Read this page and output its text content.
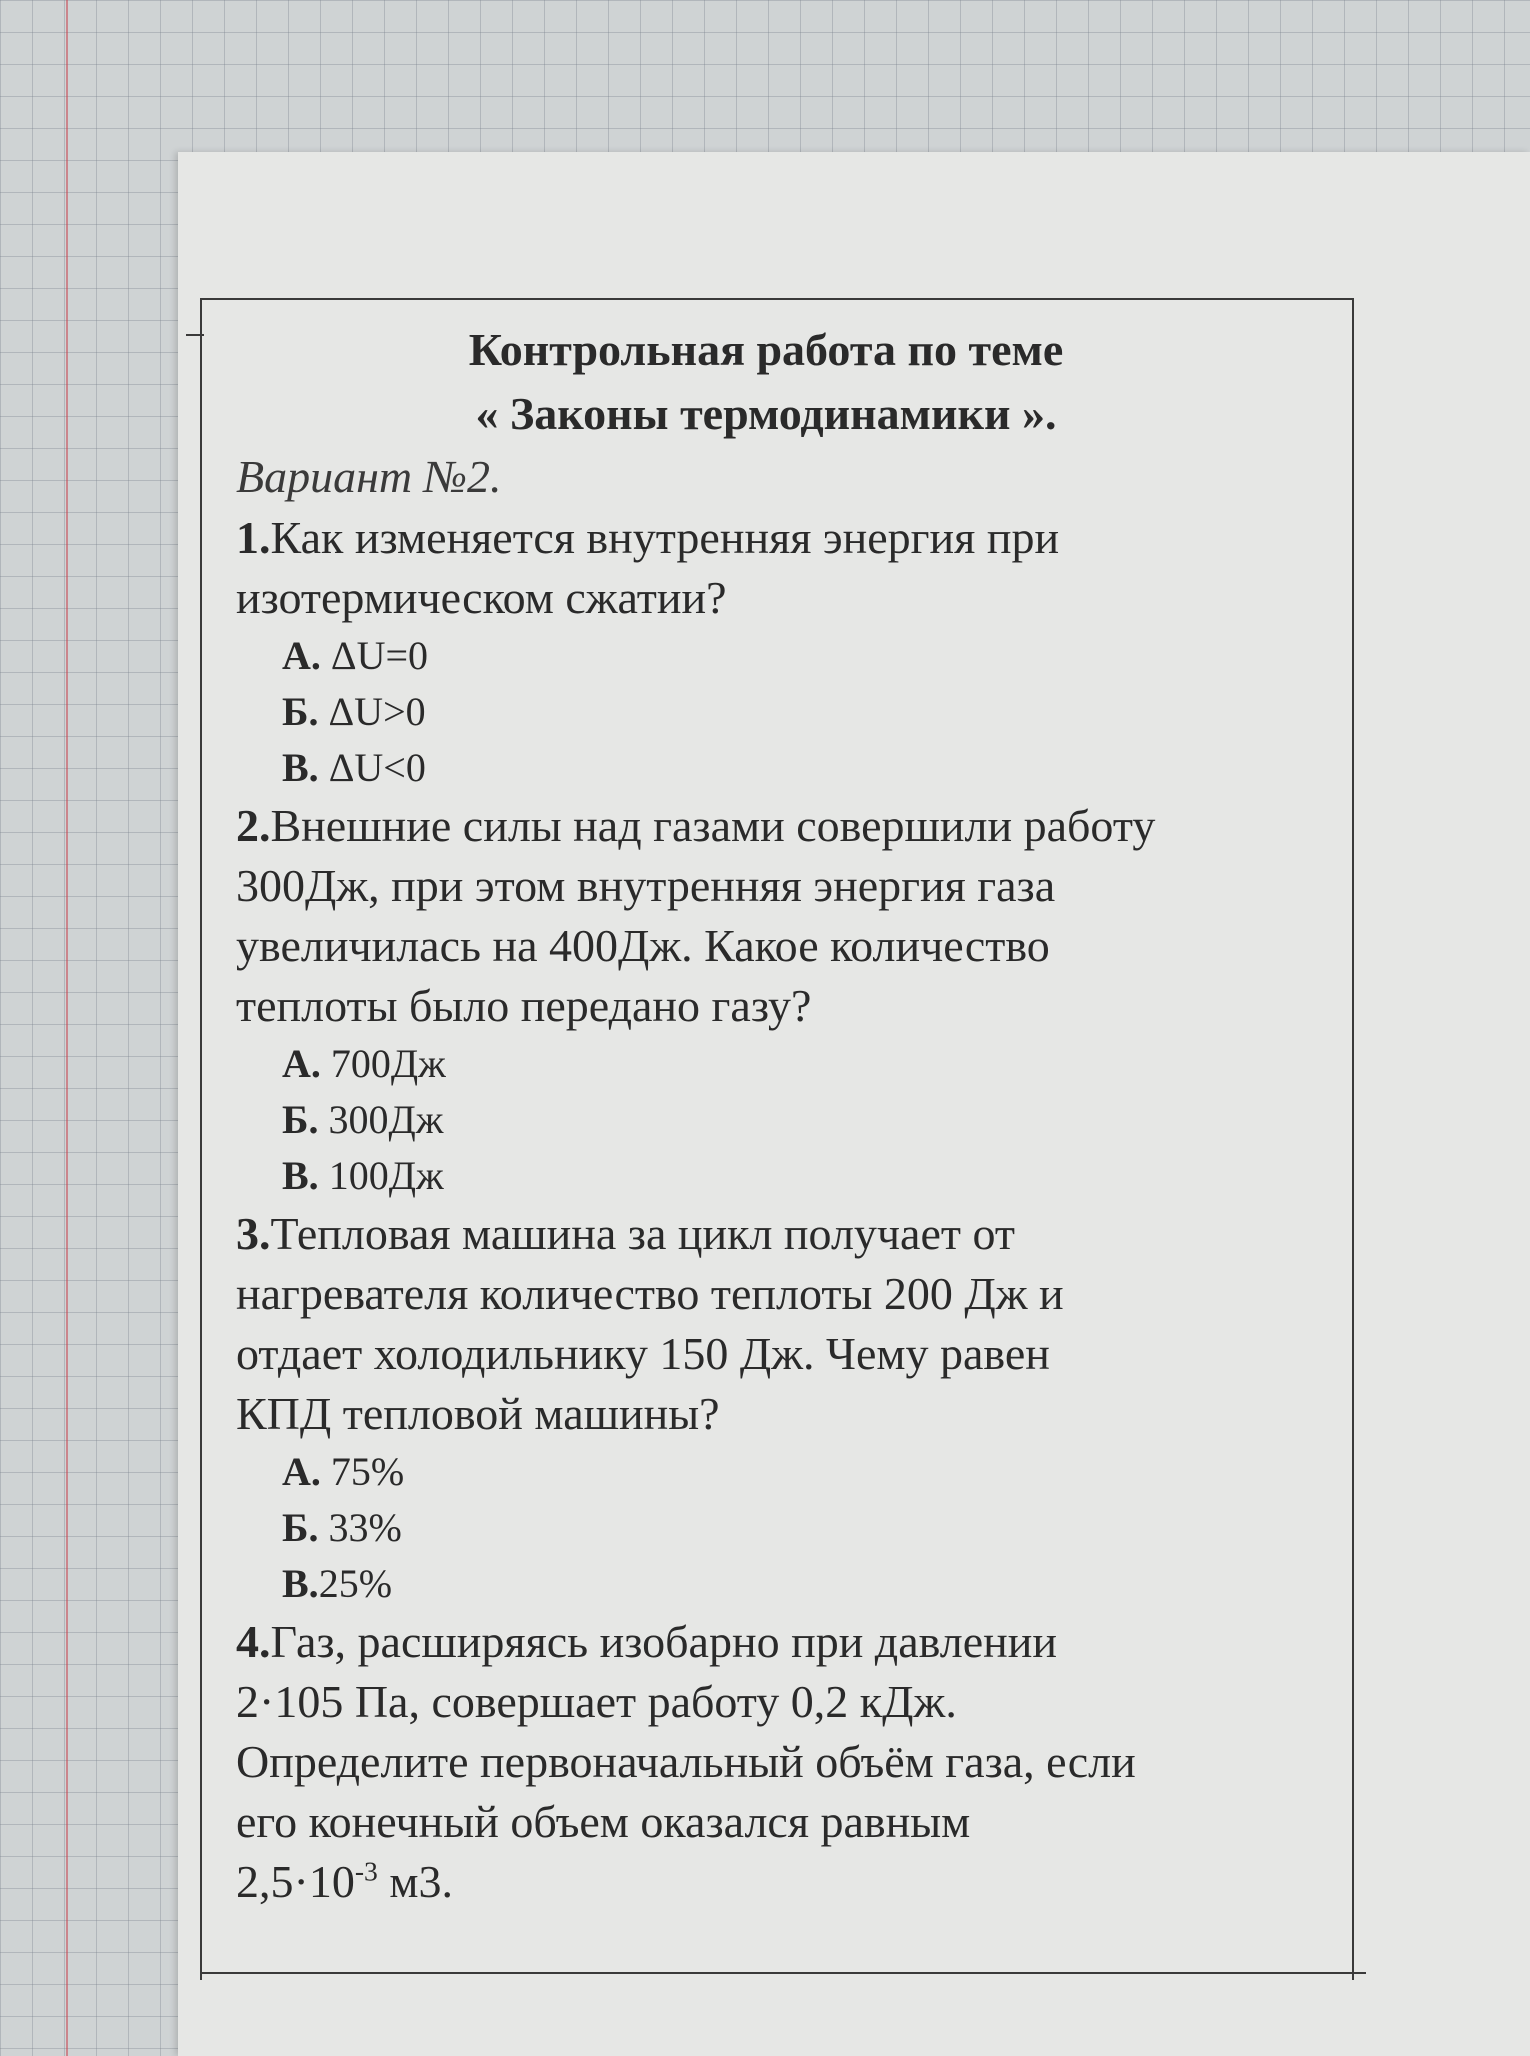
Контрольная работа по теме

« Законы термодинамики ».

Вариант №2.

1.Как изменяется внутренняя энергия при

изотермическом сжатии?

А. ΔU=0
Б. ΔU>0
В. ΔU<0

2.Внешние силы над газами совершили работу

300Дж, при этом внутренняя энергия газа

увеличилась на 400Дж. Какое количество

теплоты было передано газу?

А. 700Дж
Б. 300Дж
В. 100Дж

3.Тепловая машина за цикл получает от

нагревателя количество теплоты 200 Дж и

отдает холодильнику 150 Дж. Чему равен

КПД тепловой машины?

А. 75%
Б. 33%
В.25%

4.Газ, расширяясь изобарно при давлении

2·105 Па, совершает работу 0,2 кДж.

Определите первоначальный объём газа, если

его конечный объем оказался равным

$2,5\cdot 10^{-3}$ м3.
